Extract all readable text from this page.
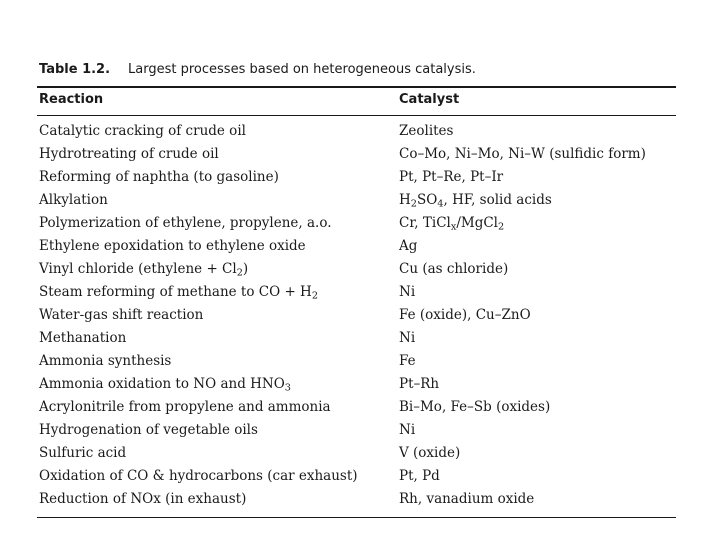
Table 1.2. Largest processes based on heterogeneous catalysis.
Reaction	Catalyst
Catalytic cracking of crude oil	Zeolites
Hydrotreating of crude oil	Co–Mo, Ni–Mo, Ni–W (sulfidic form)
Reforming of naphtha (to gasoline)	Pt, Pt–Re, Pt–Ir
Alkylation	$H_2SO_4$, HF, solid acids
Polymerization of ethylene, propylene, a.o.	Cr, TiCl$_x$/MgCl$_2$
Ethylene epoxidation to ethylene oxide	Ag
Vinyl chloride (ethylene + $Cl_2$)	Cu (as chloride)
Steam reforming of methane to CO + $H_2$	Ni
Water-gas shift reaction	Fe (oxide), Cu–ZnO
Methanation	Ni
Ammonia synthesis	Fe
Ammonia oxidation to NO and $HNO_3$	Pt–Rh
Acrylonitrile from propylene and ammonia	Bi–Mo, Fe–Sb (oxides)
Hydrogenation of vegetable oils	Ni
Sulfuric acid	V (oxide)
Oxidation of CO & hydrocarbons (car exhaust)	Pt, Pd
Reduction of NOx (in exhaust)	Rh, vanadium oxide
